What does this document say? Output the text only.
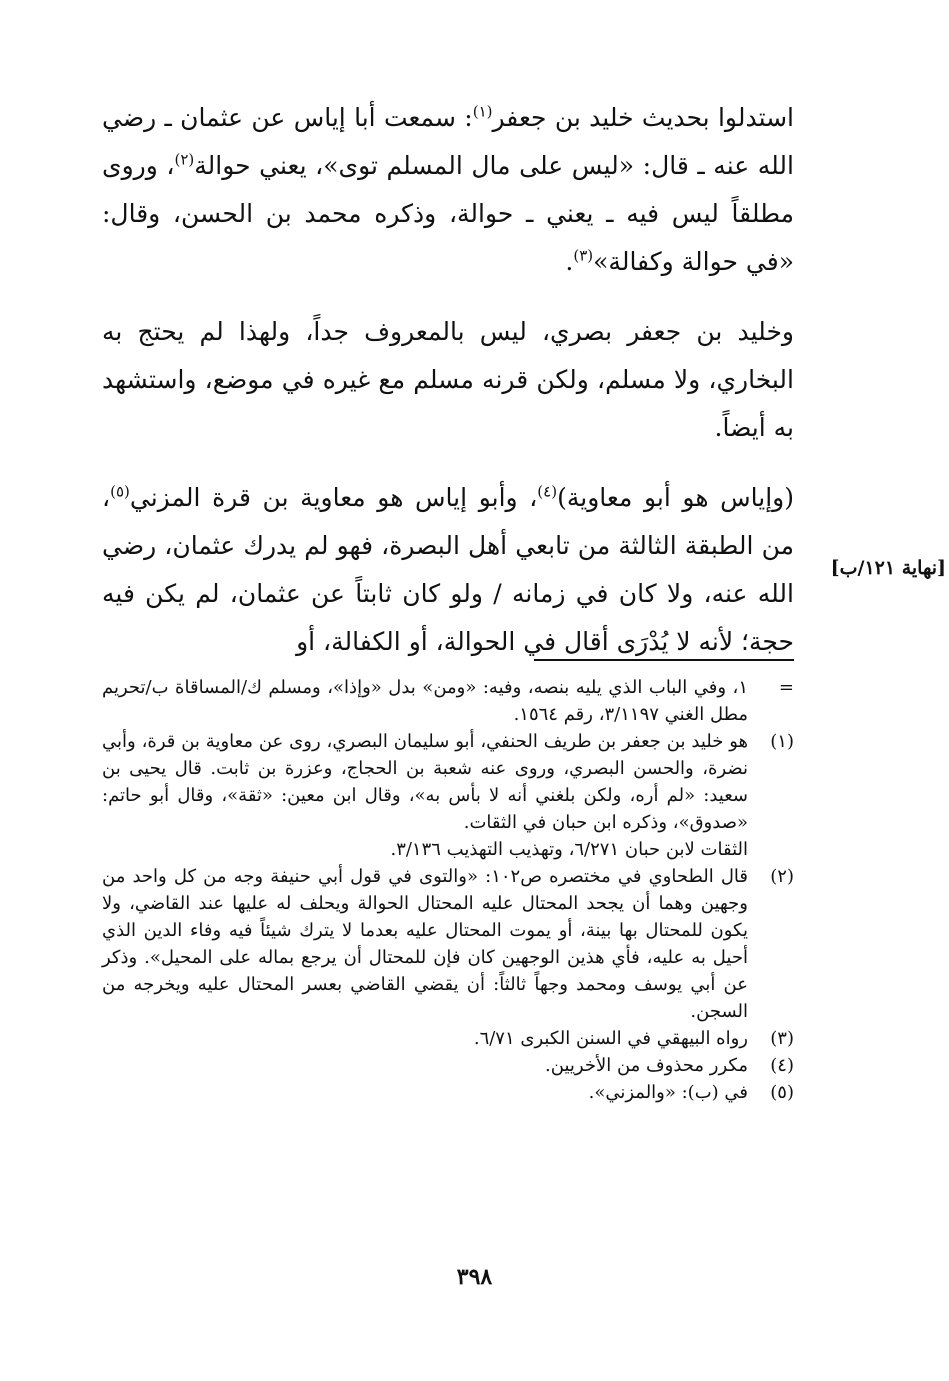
استدلوا بحديث خليد بن جعفر$^{(١)}$: سمعت أبا إياس عن عثمان ـ رضي الله عنه ـ قال: «ليس على مال المسلم توى»، يعني حوالة$^{(٢)}$، وروى مطلقاً ليس فيه ـ يعني ـ حوالة، وذكره محمد بن الحسن، وقال: «في حوالة وكفالة»$^{(٣)}$.

وخليد بن جعفر بصري، ليس بالمعروف جداً، ولهذا لم يحتج به البخاري، ولا مسلم، ولكن قرنه مسلم مع غيره في موضع، واستشهد به أيضاً.

(وإياس هو أبو معاوية)$^{(٤)}$، وأبو إياس هو معاوية بن قرة المزني$^{(٥)}$، من الطبقة الثالثة من تابعي أهل البصرة، فهو لم يدرك عثمان، رضي الله عنه، ولا كان في زمانه / ولو كان ثابتاً عن عثمان، لم يكن فيه حجة؛ لأنه لا يُدْرَى أقال في الحوالة، أو الكفالة، أو

[نهاية ١٢١/ب]
=
١، وفي الباب الذي يليه بنصه، وفيه: «ومن» بدل «وإذا»، ومسلم ك/المساقاة ب/تحريم مطل الغني ٣/١١٩٧، رقم ١٥٦٤.
(١)
هو خليد بن جعفر بن طريف الحنفي، أبو سليمان البصري، روى عن معاوية بن قرة، وأبي نضرة، والحسن البصري، وروى عنه شعبة بن الحجاج، وعزرة بن ثابت. قال يحيى بن سعيد: «لم أره، ولكن بلغني أنه لا بأس به»، وقال ابن معين: «ثقة»، وقال أبو حاتم: «صدوق»، وذكره ابن حبان في الثقات.
الثقات لابن حبان ٦/٢٧١، وتهذيب التهذيب ٣/١٣٦.
(٢)
قال الطحاوي في مختصره ص١٠٢: «والتوى في قول أبي حنيفة وجه من كل واحد من وجهين وهما أن يجحد المحتال عليه المحتال الحوالة ويحلف له عليها عند القاضي، ولا يكون للمحتال بها بينة، أو يموت المحتال عليه بعدما لا يترك شيئاً فيه وفاء الدين الذي أحيل به عليه، فأي هذين الوجهين كان فإن للمحتال أن يرجع بماله على المحيل». وذكر عن أبي يوسف ومحمد وجهاً ثالثاً: أن يقضي القاضي بعسر المحتال عليه ويخرجه من السجن.
(٣)
رواه البيهقي في السنن الكبرى ٦/٧١.
(٤)
مكرر محذوف من الأخريين.
(٥)
في (ب): «والمزني».
٣٩٨
